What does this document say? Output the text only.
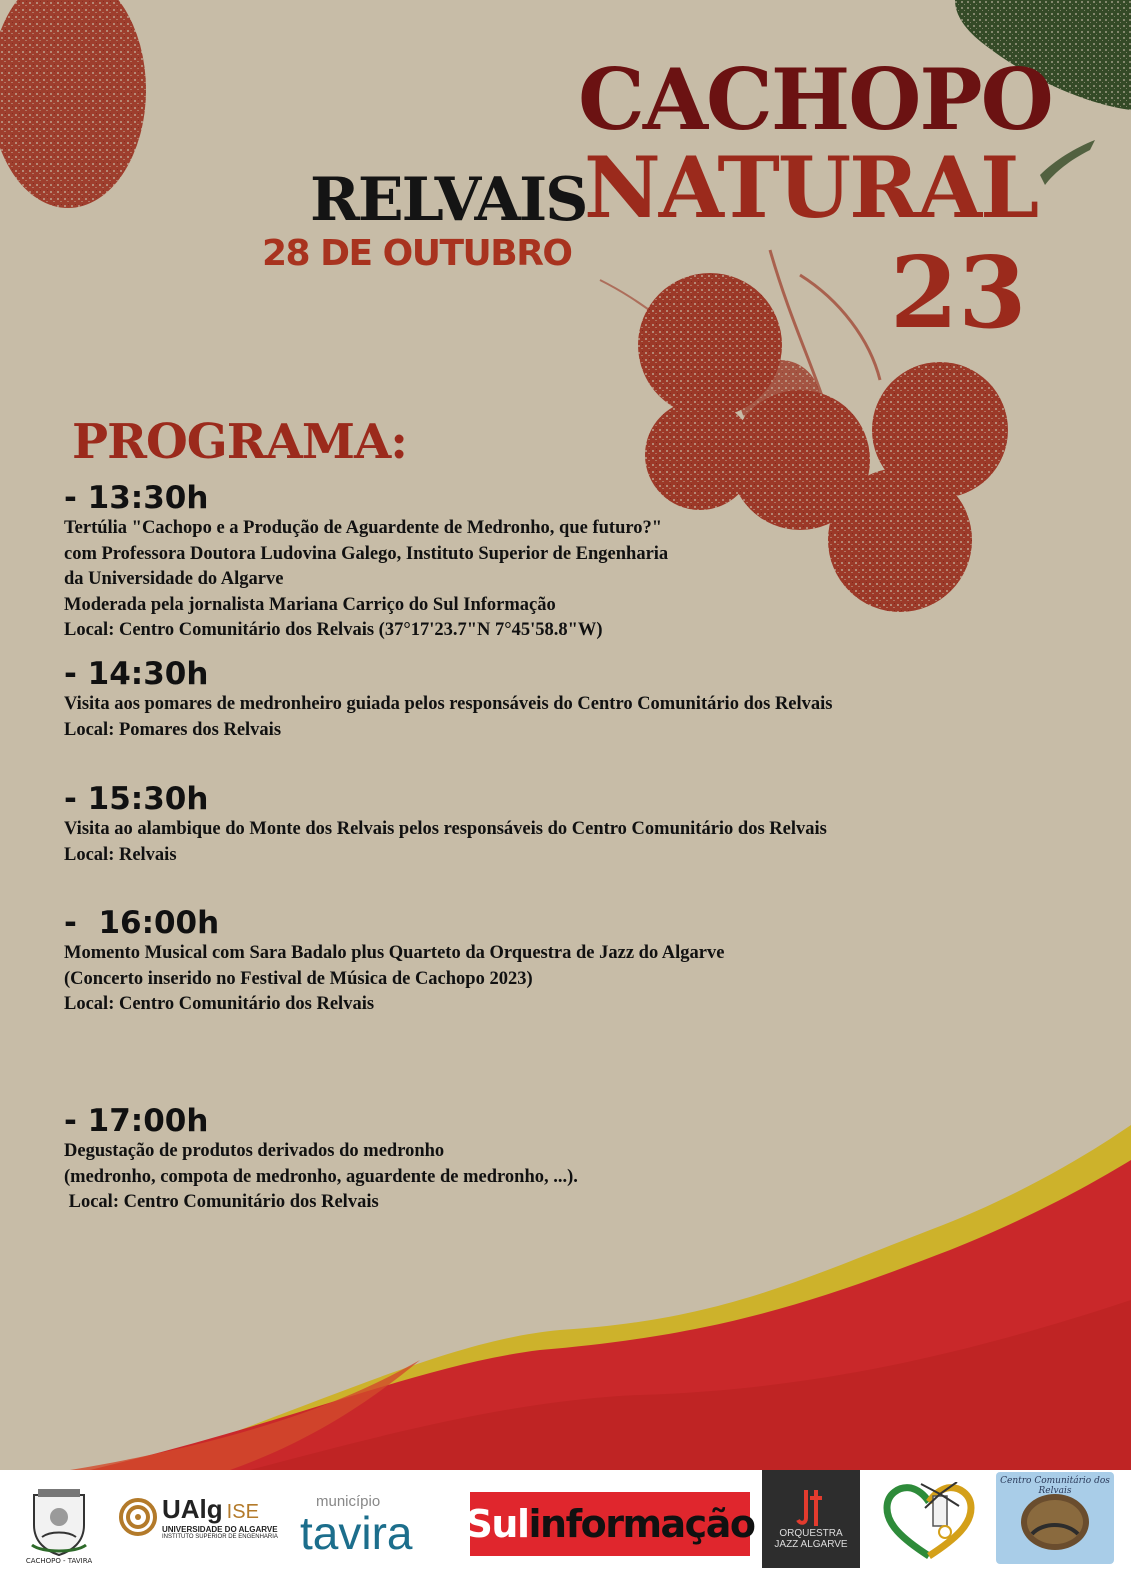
CACHOPO
NATURAL
RELVAIS
28 DE OUTUBRO	23
PROGRAMA:
- 13:30h
Tertúlia "Cachopo e a Produção de Aguardente de Medronho, que futuro?"
com Professora Doutora Ludovina Galego, Instituto Superior de Engenharia
da Universidade do Algarve
Moderada pela jornalista Mariana Carriço do Sul Informação
Local: Centro Comunitário dos Relvais (37°17'23.7"N 7°45'58.8"W)
- 14:30h
Visita aos pomares de medronheiro guiada pelos responsáveis do Centro Comunitário dos Relvais
Local: Pomares dos Relvais
- 15:30h
Visita ao alambique do Monte dos Relvais pelos responsáveis do Centro Comunitário dos Relvais
Local: Relvais
-  16:00h
Momento Musical com Sara Badalo plus Quarteto da Orquestra de Jazz do Algarve
(Concerto inserido no Festival de Música de Cachopo 2023)
Local: Centro Comunitário dos Relvais
- 17:00h
Degustação de produtos derivados do medronho
(medronho, compota de medronho, aguardente de medronho, ...).
Local: Centro Comunitário dos Relvais
CACHOPO - TAVIRA
UAlg ISE
UNIVERSIDADE DO ALGARVE
INSTITUTO SUPERIOR DE ENGENHARIA
município
tavira Sul informação ORQUESTRA
JAZZ ALGARVE
Centro Comunitário dos Relvais
